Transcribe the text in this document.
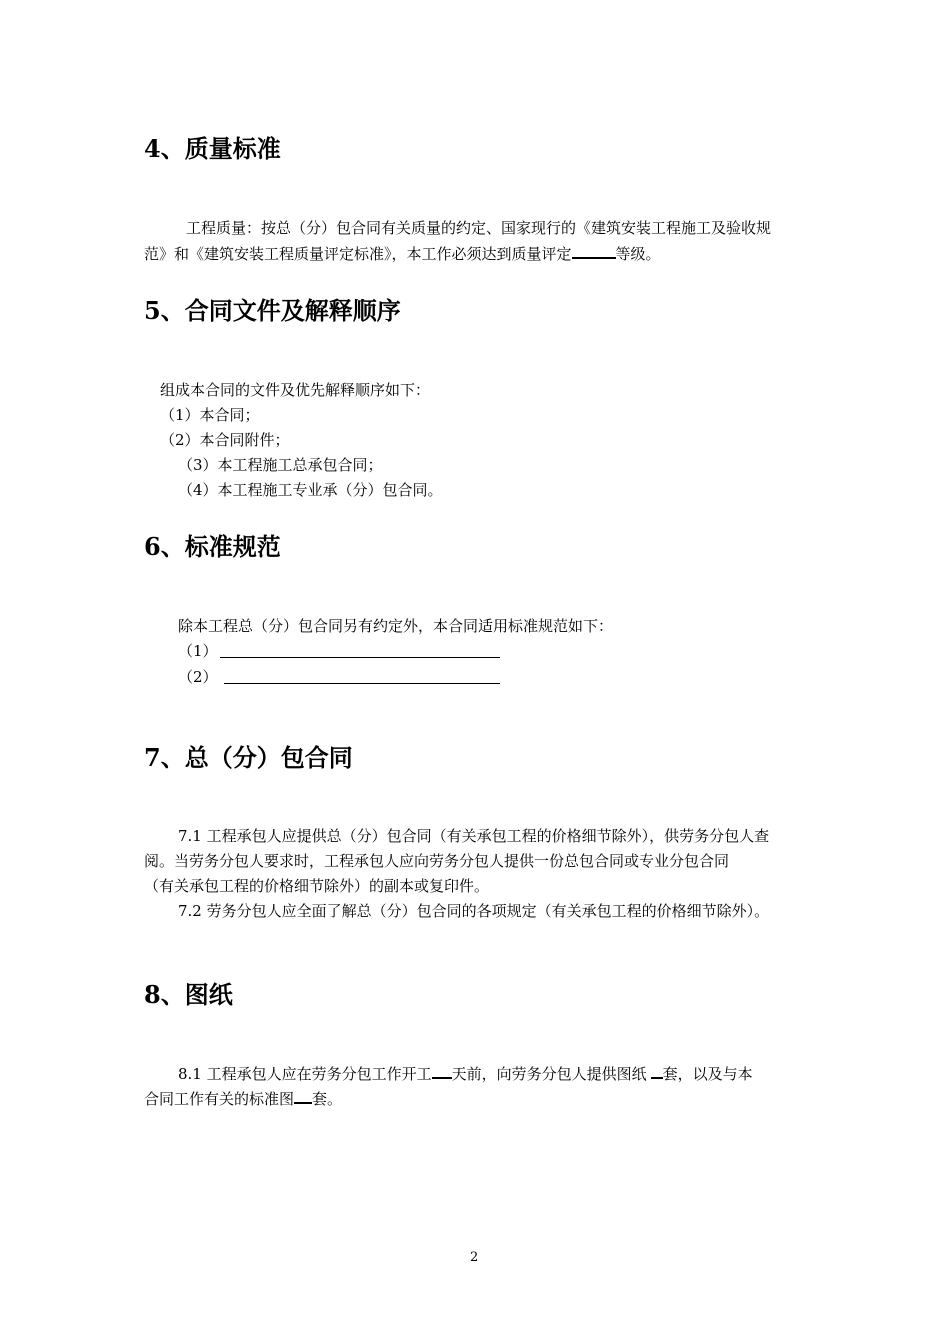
4、质量标准
工程质量：按总（分）包合同有关质量的约定、国家现行的《建筑安装工程施工及验收规
范》和《建筑安装工程质量评定标准》，本工作必须达到质量评定	等级。
5、合同文件及解释顺序
组成本合同的文件及优先解释顺序如下：
（1）本合同；
（2）本合同附件；
（3）本工程施工总承包合同；
（4）本工程施工专业承（分）包合同。
6、标准规范
除本工程总（分）包合同另有约定外，本合同适用标准规范如下：
（1）
（2）
7、总（分）包合同
7.1 工程承包人应提供总（分）包合同（有关承包工程的价格细节除外），供劳务分包人查
阅。当劳务分包人要求时，工程承包人应向劳务分包人提供一份总包合同或专业分包合同
（有关承包工程的价格细节除外）的副本或复印件。
7.2 劳务分包人应全面了解总（分）包合同的各项规定（有关承包工程的价格细节除外）。
8、图纸
8.1 工程承包人应在劳务分包工作开工 天前，向劳务分包人提供图纸 套，以及与本
合同工作有关的标准图 套。
2
